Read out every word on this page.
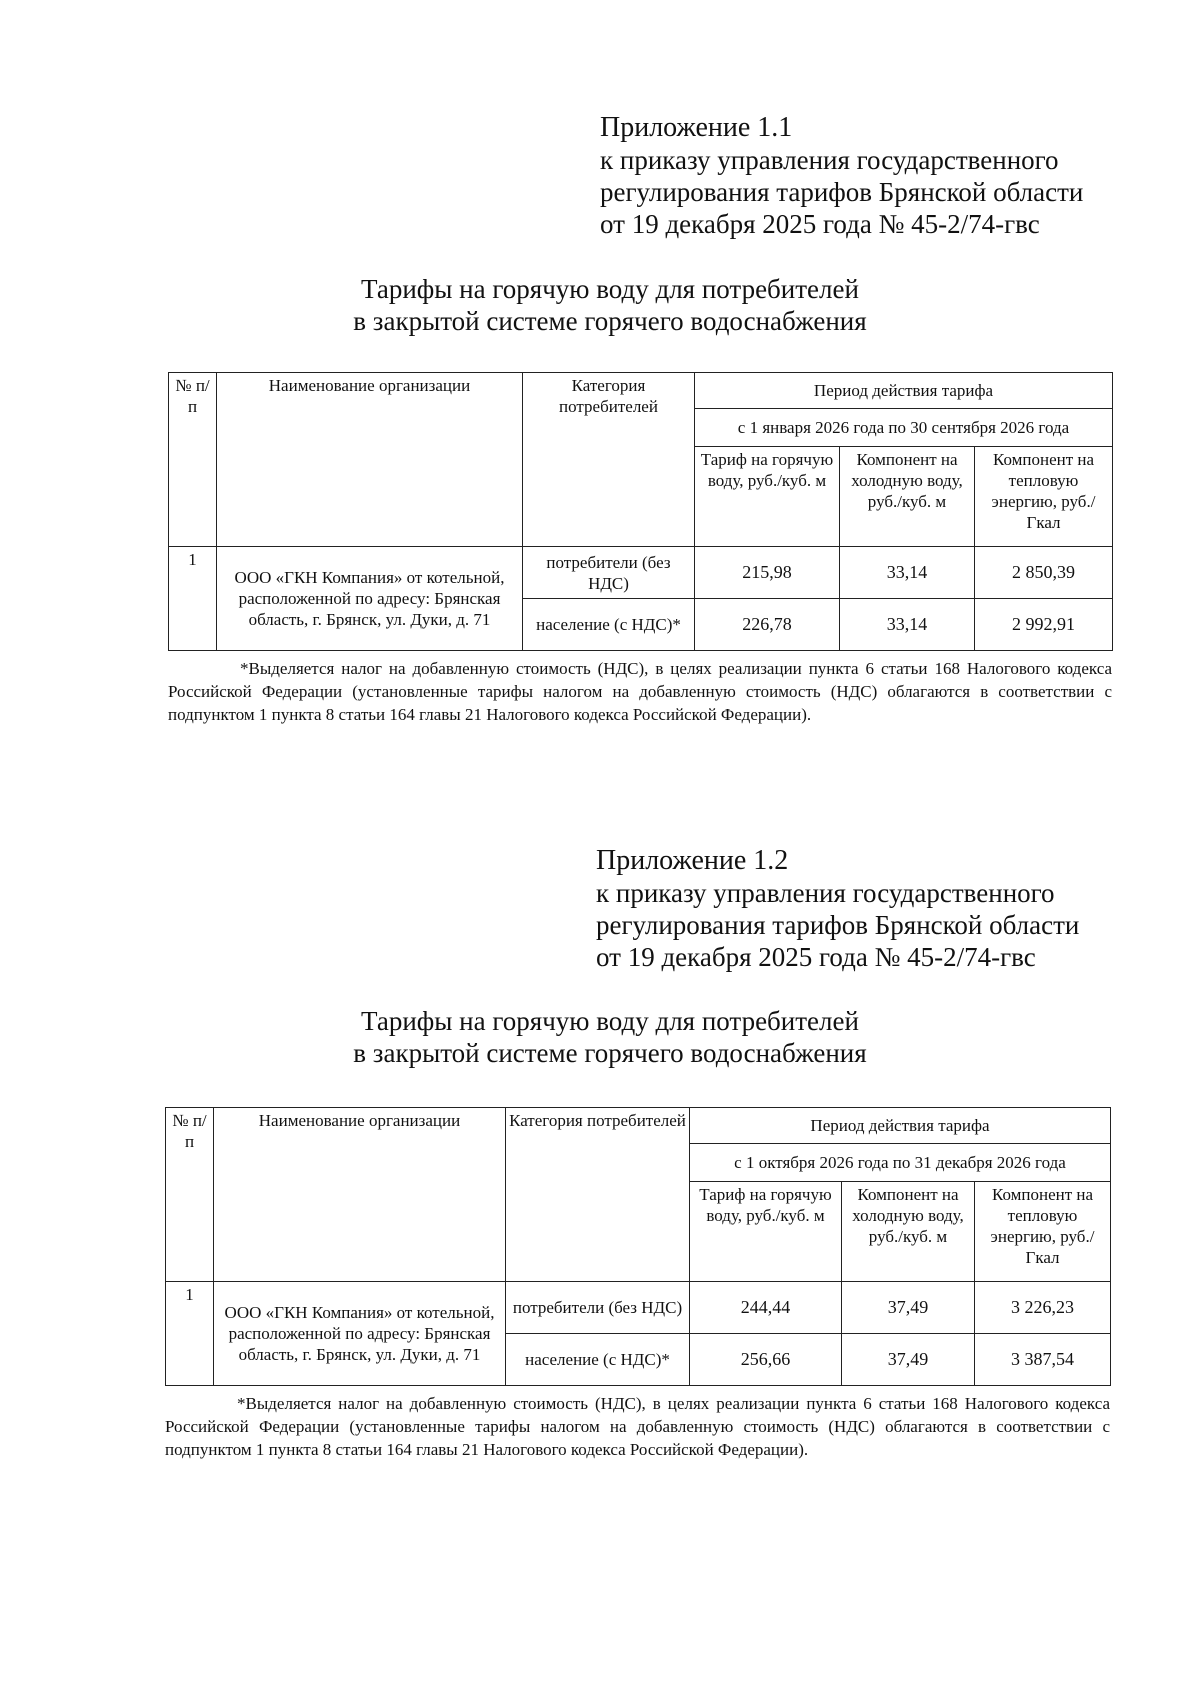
Приложение 1.1
к приказу управления государственного
регулирования тарифов Брянской области
от 19 декабря 2025 года № 45-2/74-гвс
Тарифы на горячую воду для потребителей
в закрытой системе горячего водоснабжения
№ п/п	Наименование организации	Категория потребителей	Период действия тарифа		
			с 1 января 2026 года по 30 сентября 2026 года		
			Тариф на горячую воду, руб./куб. м	Компонент на холодную воду, руб./куб. м	Компонент на тепловую энергию, руб./Гкал
1	ООО «ГКН Компания» от котельной, расположенной по адресу: Брянская область, г. Брянск, ул. Дуки, д. 71	потребители (без НДС)	215,98	33,14	2 850,39
		население (с НДС)*	226,78	33,14	2 992,91
*Выделяется налог на добавленную стоимость (НДС), в целях реализации пункта 6 статьи 168 Налогового кодекса Российской Федерации (установленные тарифы налогом на добавленную стоимость (НДС) облагаются в соответствии с подпунктом 1 пункта 8 статьи 164 главы 21 Налогового кодекса Российской Федерации).
Приложение 1.2
к приказу управления государственного
регулирования тарифов Брянской области
от 19 декабря 2025 года № 45-2/74-гвс
Тарифы на горячую воду для потребителей
в закрытой системе горячего водоснабжения
№ п/п	Наименование организации	Категория потребителей	Период действия тарифа		
			с 1 октября 2026 года по 31 декабря 2026 года		
			Тариф на горячую воду, руб./куб. м	Компонент на холодную воду, руб./куб. м	Компонент на тепловую энергию, руб./Гкал
1	ООО «ГКН Компания» от котельной, расположенной по адресу: Брянская область, г. Брянск, ул. Дуки, д. 71	потребители (без НДС)	244,44	37,49	3 226,23
		население (с НДС)*	256,66	37,49	3 387,54
*Выделяется налог на добавленную стоимость (НДС), в целях реализации пункта 6 статьи 168 Налогового кодекса Российской Федерации (установленные тарифы налогом на добавленную стоимость (НДС) облагаются в соответствии с подпунктом 1 пункта 8 статьи 164 главы 21 Налогового кодекса Российской Федерации).
